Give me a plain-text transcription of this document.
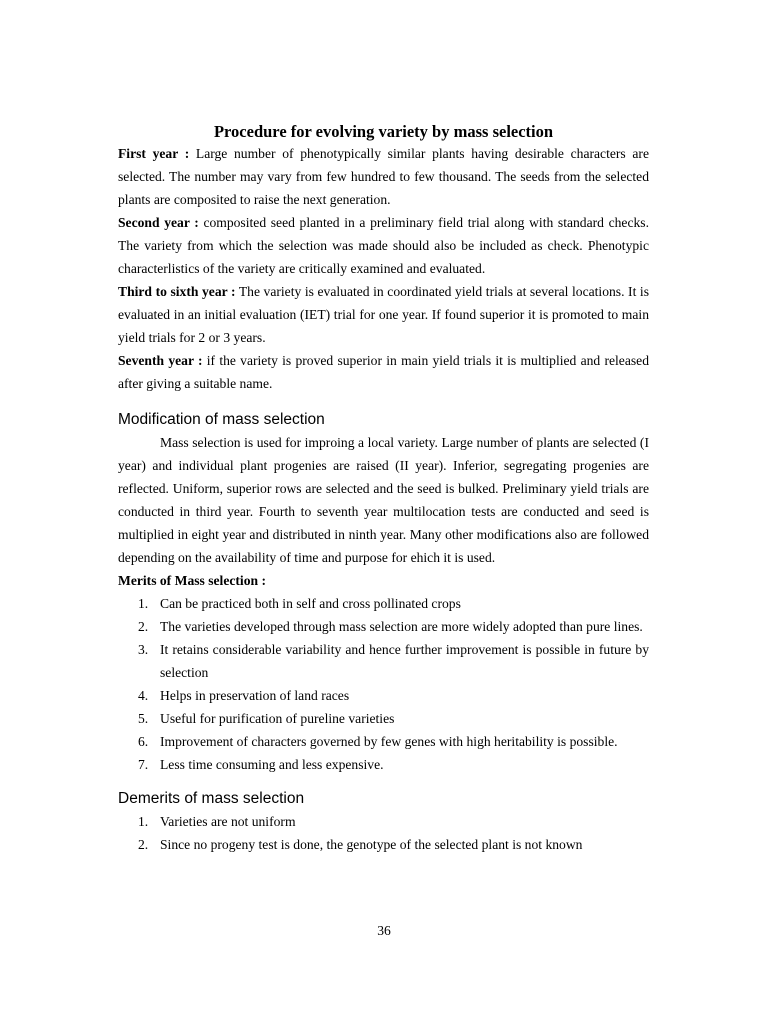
Procedure for evolving variety by mass selection

First year : Large number of phenotypically similar plants having desirable characters are selected. The number may vary from few hundred to few thousand. The seeds from the selected plants are composited to raise the next generation.

Second year : composited seed planted in a preliminary field trial along with standard checks. The variety from which the selection was made should also be included as check. Phenotypic characterlistics of the variety are critically examined and evaluated.

Third to sixth year : The variety is evaluated in coordinated yield trials at several locations. It is evaluated in an initial evaluation (IET) trial for one year. If found superior it is promoted to main yield trials for 2 or 3 years.

Seventh year : if the variety is proved superior in main yield trials it is multiplied and released after giving a suitable name.

Modification of mass selection

Mass selection is used for improing a local variety. Large number of plants are selected (I year) and individual plant progenies are raised (II year). Inferior, segregating progenies are reflected. Uniform, superior rows are selected and the seed is bulked. Preliminary yield trials are conducted in third year. Fourth to seventh year multilocation tests are conducted and seed is multiplied in eight year and distributed in ninth year. Many other modifications also are followed depending on the availability of time and purpose for ehich it is used.

Merits of Mass selection :
1. Can be practiced both in self and cross pollinated crops
2. The varieties developed through mass selection are more widely adopted than pure lines.
3. It retains considerable variability and hence further improvement is possible in future by selection
4. Helps in preservation of land races
5. Useful for purification of pureline varieties
6. Improvement of characters governed by few genes with high heritability is possible.
7. Less time consuming and less expensive.
Demerits of mass selection
1. Varieties are not uniform
2. Since no progeny test is done, the genotype of the selected plant is not known
36
